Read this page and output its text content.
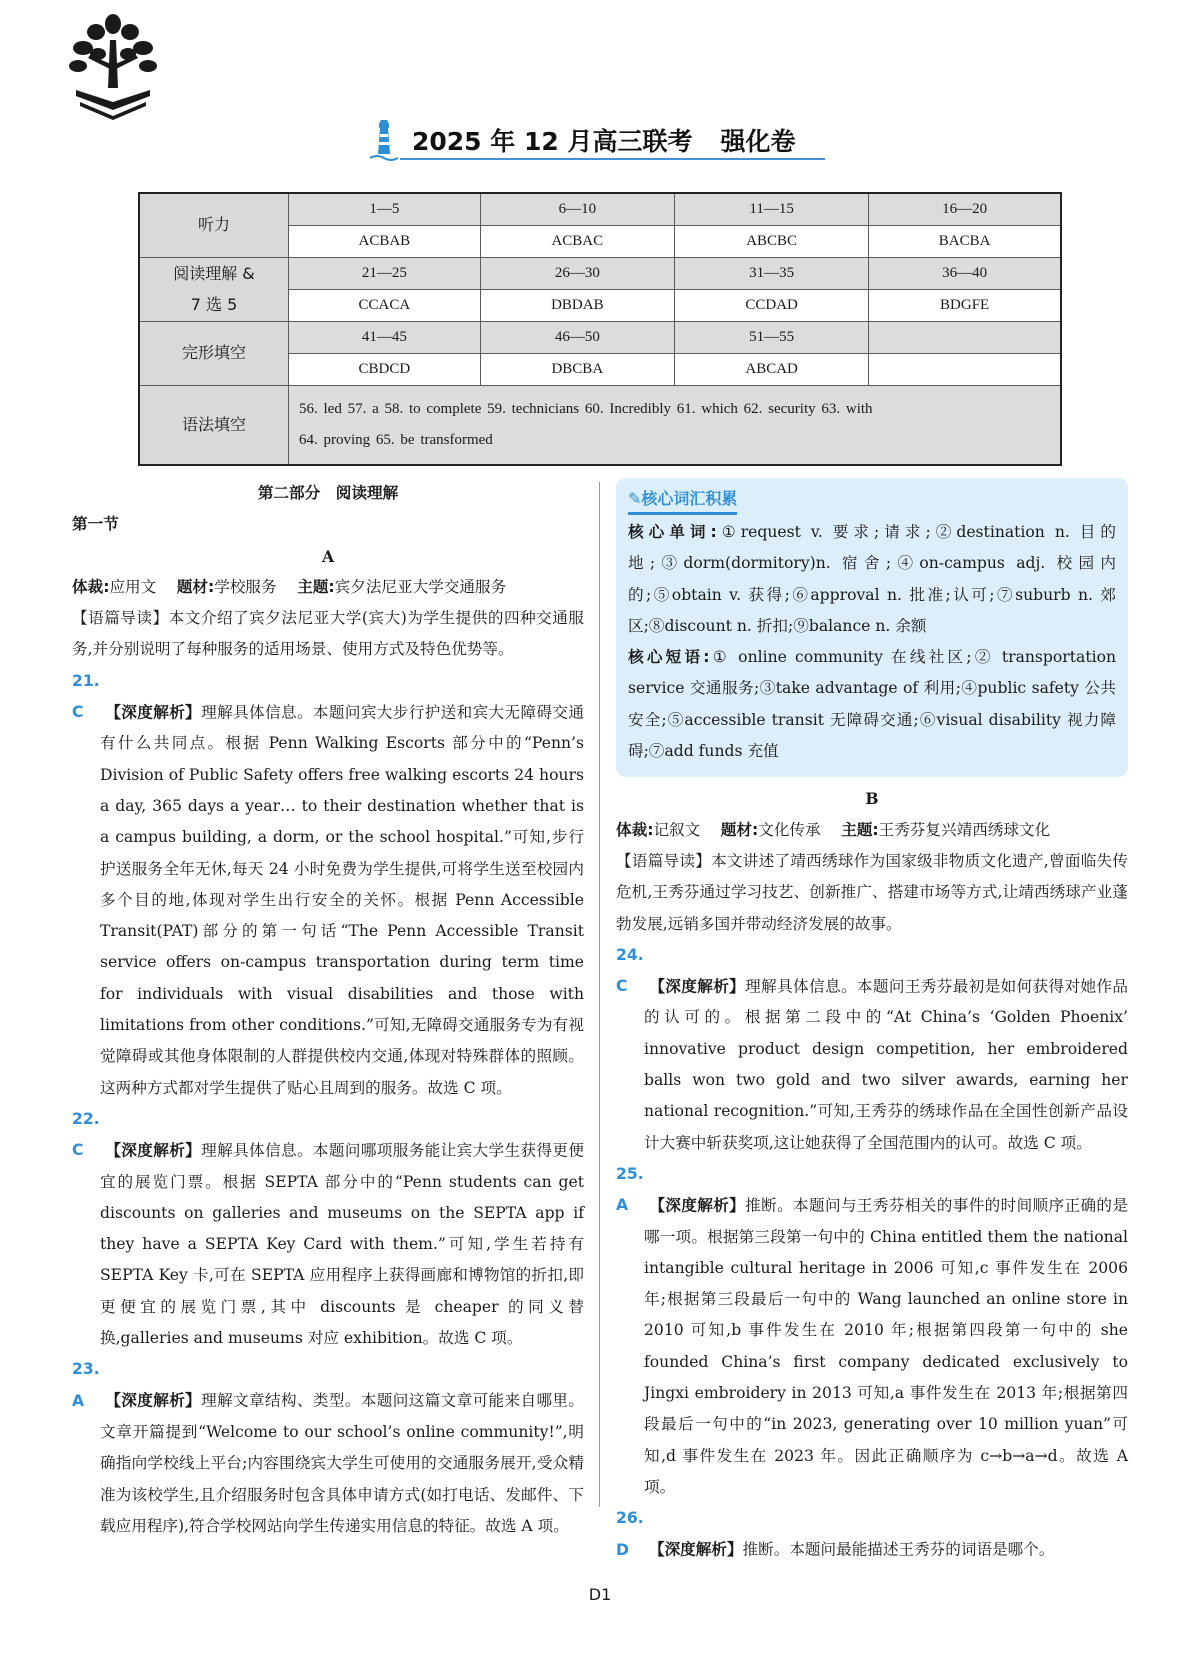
2025 年 12 月高三联考 强化卷
听力	1—5	6—10	11—15	16—20
	ACBAB	ACBAC	ABCBC	BACBA
阅读理解 &
7 选 5	21—25	26—30	31—35	36—40
	CCACA	DBDAB	CCDAD	BDGFE
完形填空	41—45	46—50	51—55	
	CBDCD	DBCBA	ABCAD	
语法填空	56. led 57. a 58. to complete 59. technicians 60. Incredibly 61. which 62. security 63. with
64. proving 65. be transformed			

第二部分　阅读理解

第一节

A

体裁:应用文　 题材:学校服务　 主题:宾夕法尼亚大学交通服务

【语篇导读】本文介绍了宾夕法尼亚大学(宾大)为学生提供的四种交通服务,并分别说明了每种服务的适用场景、使用方式及特色优势等。

21. C 【深度解析】理解具体信息。本题问宾大步行护送和宾大无障碍交通有什么共同点。根据 Penn Walking Escorts 部分中的“Penn’s Division of Public Safety offers free walking escorts 24 hours a day, 365 days a year… to their destination whether that is a campus building, a dorm, or the school hospital.”可知,步行护送服务全年无休,每天 24 小时免费为学生提供,可将学生送至校园内多个目的地,体现对学生出行安全的关怀。根据 Penn Accessible Transit(PAT)部分的第一句话“The Penn Accessible Transit service offers on-campus transportation during term time for individuals with visual disabilities and those with limitations from other conditions.”可知,无障碍交通服务专为有视觉障碍或其他身体限制的人群提供校内交通,体现对特殊群体的照顾。这两种方式都对学生提供了贴心且周到的服务。故选 C 项。

22. C 【深度解析】理解具体信息。本题问哪项服务能让宾大学生获得更便宜的展览门票。根据 SEPTA 部分中的“Penn students can get discounts on galleries and museums on the SEPTA app if they have a SEPTA Key Card with them.”可知,学生若持有 SEPTA Key 卡,可在 SEPTA 应用程序上获得画廊和博物馆的折扣,即更便宜的展览门票,其中 discounts 是 cheaper 的同义替换,galleries and museums 对应 exhibition。故选 C 项。

23. A 【深度解析】理解文章结构、类型。本题问这篇文章可能来自哪里。文章开篇提到“Welcome to our school’s online community!”,明确指向学校线上平台;内容围绕宾大学生可使用的交通服务展开,受众精准为该校学生,且介绍服务时包含具体申请方式(如打电话、发邮件、下载应用程序),符合学校网站向学生传递实用信息的特征。故选 A 项。

✎核心词汇积累

核心单词:①request v. 要求;请求;②destination n. 目的地;③dorm(dormitory)n. 宿舍;④on-campus adj. 校园内的;⑤obtain v. 获得;⑥approval n. 批准;认可;⑦suburb n. 郊区;⑧discount n. 折扣;⑨balance n. 余额

核心短语:① online community 在线社区;② transportation service 交通服务;③take advantage of 利用;④public safety 公共安全;⑤accessible transit 无障碍交通;⑥visual disability 视力障碍;⑦add funds 充值

B

体裁:记叙文　 题材:文化传承　 主题:王秀芬复兴靖西绣球文化

【语篇导读】本文讲述了靖西绣球作为国家级非物质文化遗产,曾面临失传危机,王秀芬通过学习技艺、创新推广、搭建市场等方式,让靖西绣球产业蓬勃发展,远销多国并带动经济发展的故事。

24. C 【深度解析】理解具体信息。本题问王秀芬最初是如何获得对她作品的认可的。根据第二段中的“At China’s ‘Golden Phoenix’ innovative product design competition, her embroidered balls won two gold and two silver awards, earning her national recognition.”可知,王秀芬的绣球作品在全国性创新产品设计大赛中斩获奖项,这让她获得了全国范围内的认可。故选 C 项。

25. A 【深度解析】推断。本题问与王秀芬相关的事件的时间顺序正确的是哪一项。根据第三段第一句中的 China entitled them the national intangible cultural heritage in 2006 可知,c 事件发生在 2006 年;根据第三段最后一句中的 Wang launched an online store in 2010 可知,b 事件发生在 2010 年;根据第四段第一句中的 she founded China’s first company dedicated exclusively to Jingxi embroidery in 2013 可知,a 事件发生在 2013 年;根据第四段最后一句中的“in 2023, generating over 10 million yuan”可知,d 事件发生在 2023 年。因此正确顺序为 c→b→a→d。故选 A 项。

26. D 【深度解析】推断。本题问最能描述王秀芬的词语是哪个。

D1
